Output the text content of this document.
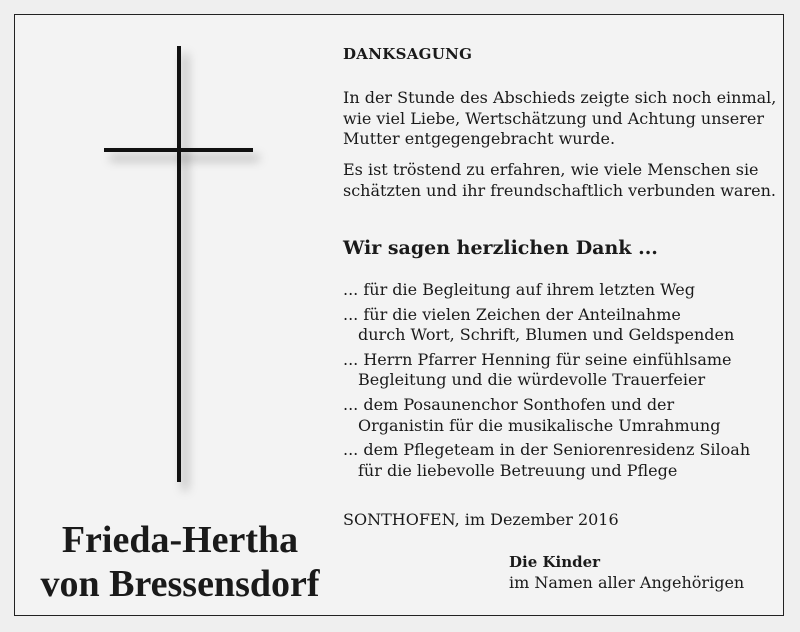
Frieda-Hertha
von Bressensdorf
DANKSAGUNG

In der Stunde des Abschieds zeigte sich noch einmal, wie viel Liebe, Wertschätzung und Achtung unserer Mutter entgegengebracht wurde.

Es ist tröstend zu erfahren, wie viele Menschen sie schätzten und ihr freundschaftlich verbunden waren.

Wir sagen herzlichen Dank ...
... für die Begleitung auf ihrem letzten Weg
... für die vielen Zeichen der Anteilnahme
durch Wort, Schrift, Blumen und Geldspenden
... Herrn Pfarrer Henning für seine einfühlsame
Begleitung und die würdevolle Trauerfeier
... dem Posaunenchor Sonthofen und der
Organistin für die musikalische Umrahmung
... dem Pflegeteam in der Seniorenresidenz Siloah
für die liebevolle Betreuung und Pflege
SONTHOFEN, im Dezember 2016
Die Kinder
im Namen aller Angehörigen
